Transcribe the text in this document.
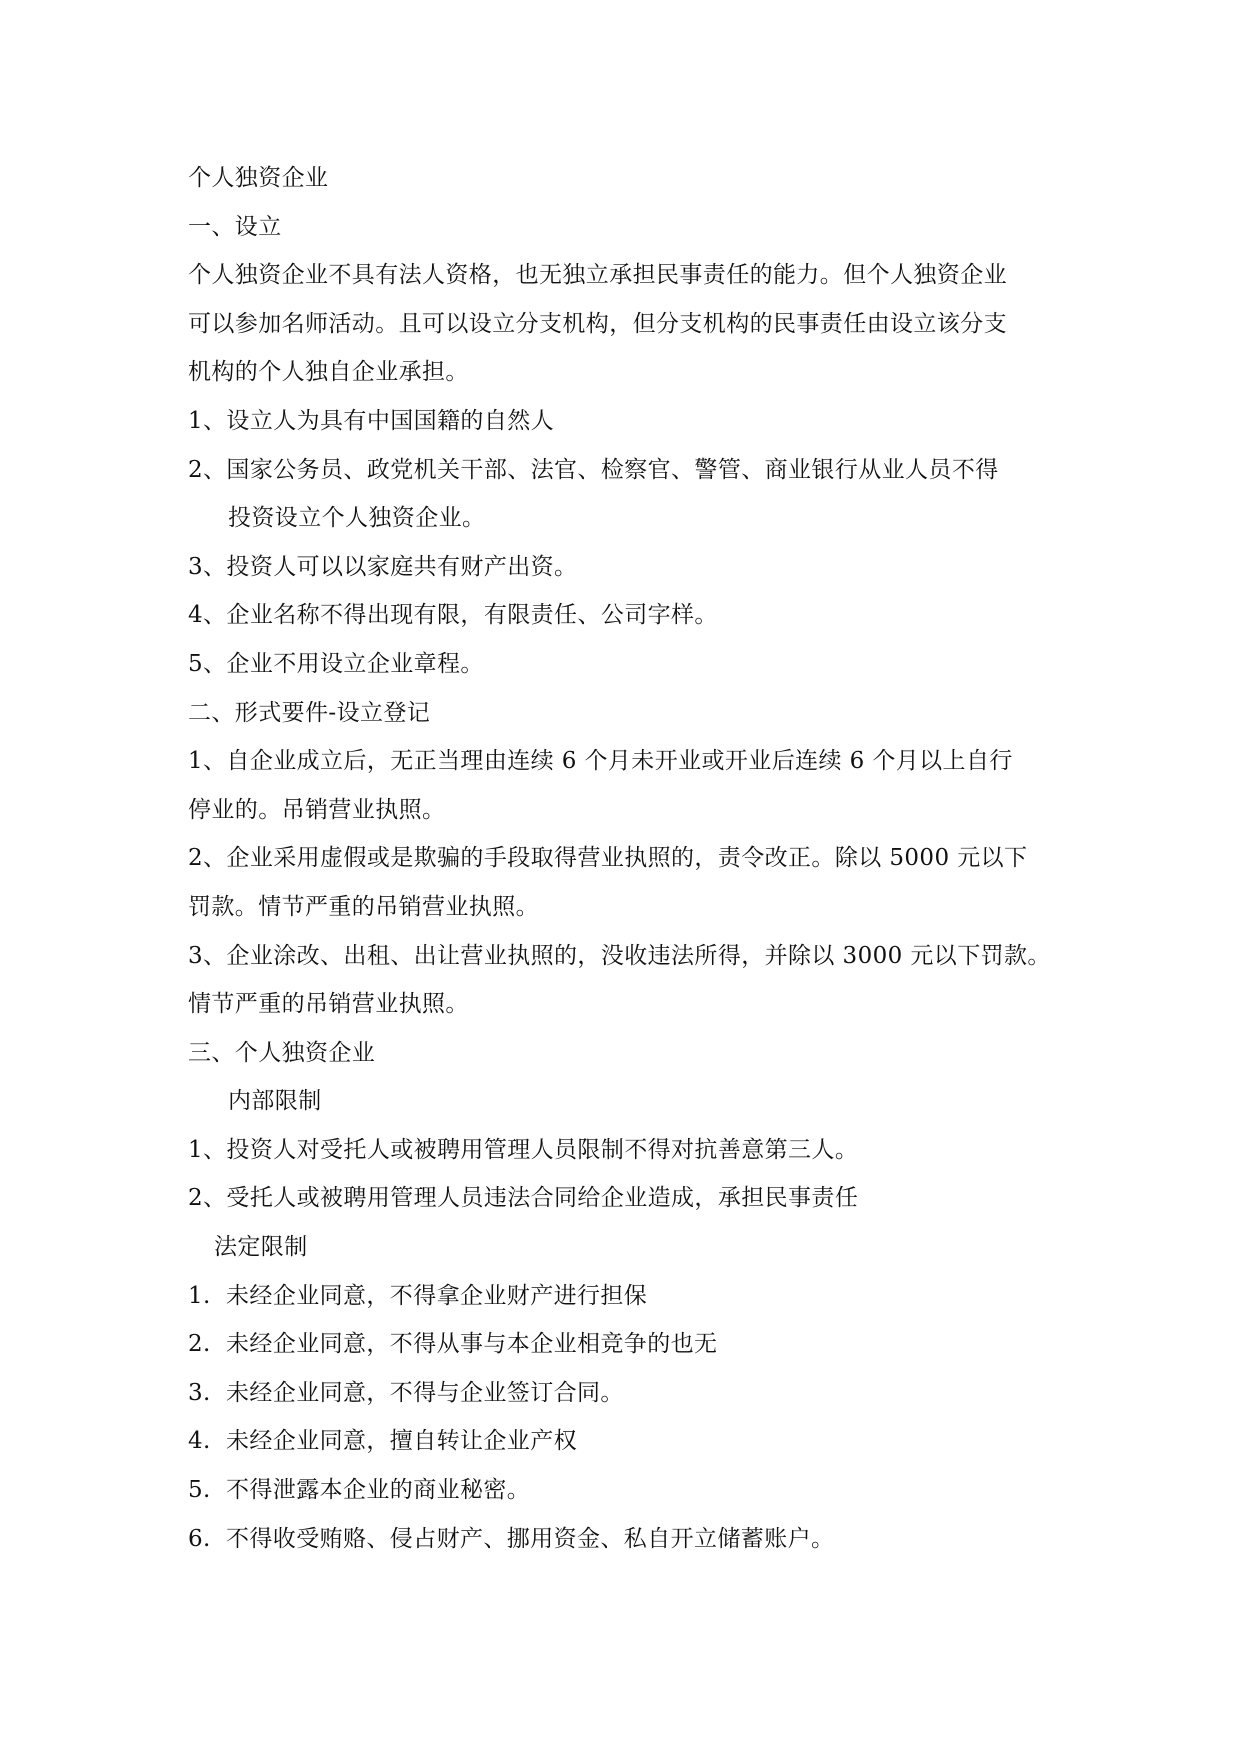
个人独资企业
一、设立
个人独资企业不具有法人资格，也无独立承担民事责任的能力。但个人独资企业
可以参加名师活动。且可以设立分支机构，但分支机构的民事责任由设立该分支
机构的个人独自企业承担。
1、设立人为具有中国国籍的自然人
2、国家公务员、政党机关干部、法官、检察官、警管、商业银行从业人员不得
投资设立个人独资企业。
3、投资人可以以家庭共有财产出资。
4、企业名称不得出现有限，有限责任、公司字样。
5、企业不用设立企业章程。
二、形式要件-设立登记
1、自企业成立后，无正当理由连续 6 个月未开业或开业后连续 6 个月以上自行
停业的。吊销营业执照。
2、企业采用虚假或是欺骗的手段取得营业执照的，责令改正。除以 5000 元以下
罚款。情节严重的吊销营业执照。
3、企业涂改、出租、出让营业执照的，没收违法所得，并除以 3000 元以下罚款。
情节严重的吊销营业执照。
三、个人独资企业
内部限制
1、投资人对受托人或被聘用管理人员限制不得对抗善意第三人。
2、受托人或被聘用管理人员违法合同给企业造成，承担民事责任
法定限制
1. 未经企业同意，不得拿企业财产进行担保
2. 未经企业同意，不得从事与本企业相竞争的也无
3. 未经企业同意，不得与企业签订合同。
4. 未经企业同意，擅自转让企业产权
5. 不得泄露本企业的商业秘密。
6. 不得收受贿赂、侵占财产、挪用资金、私自开立储蓄账户。
